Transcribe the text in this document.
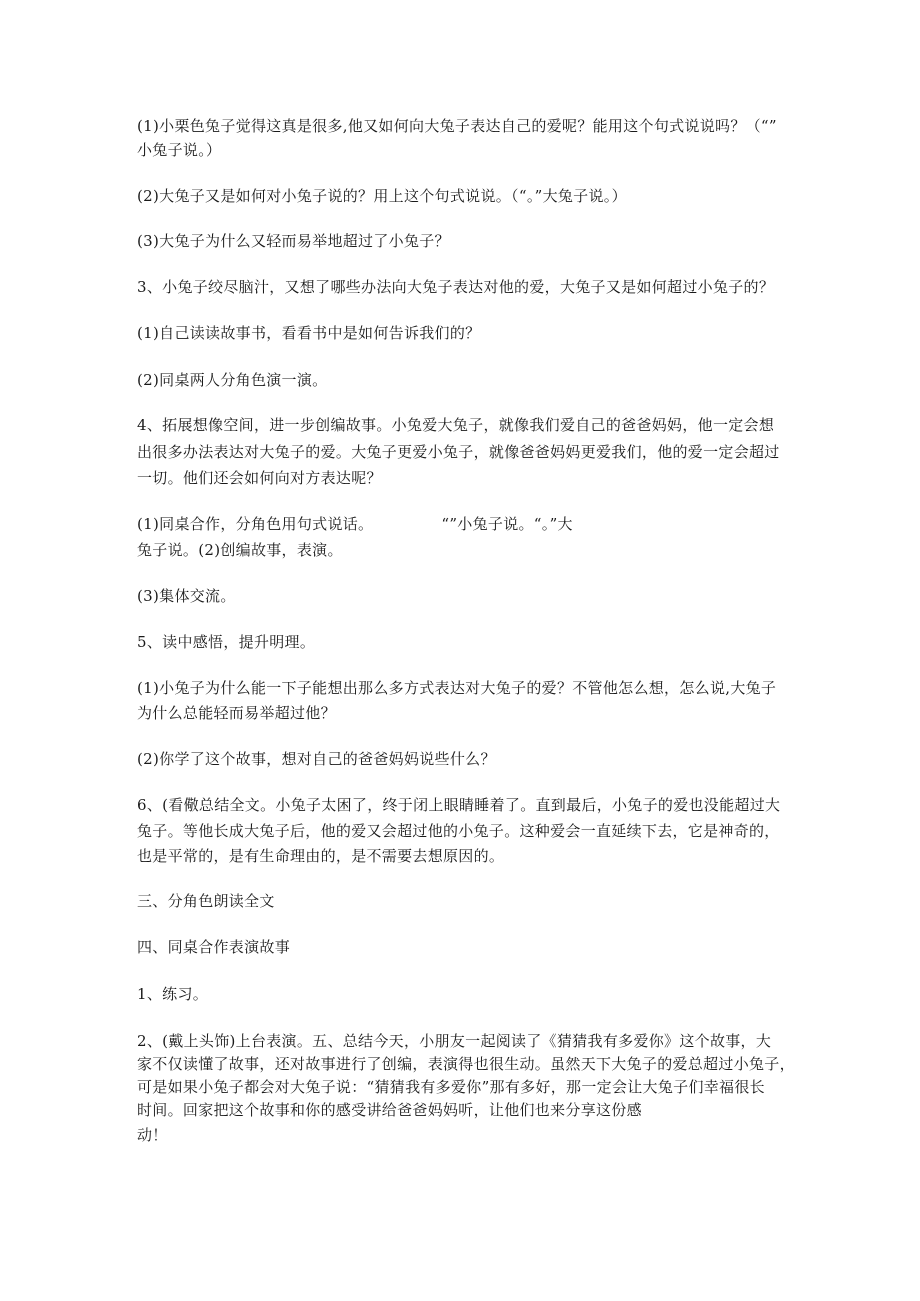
(1)小栗色兔子觉得这真是很多,他又如何向大兔子表达自己的爱呢？能用这个句式说说吗？（“”
小兔子说。）
(2)大兔子又是如何对小兔子说的？用上这个句式说说。（“。”大兔子说。）
(3)大兔子为什么又轻而易举地超过了小兔子？
3、小兔子绞尽脑汁，又想了哪些办法向大兔子表达对他的爱，大兔子又是如何超过小兔子的？
(1)自己读读故事书，看看书中是如何告诉我们的？
(2)同桌两人分角色演一演。
4、拓展想像空间，进一步创编故事。小兔爱大兔子，就像我们爱自己的爸爸妈妈，他一定会想
出很多办法表达对大兔子的爱。大兔子更爱小兔子，就像爸爸妈妈更爱我们，他的爱一定会超过
一切。他们还会如何向对方表达呢？
(1)同桌合作，分角色用句式说话。	“”小兔子说。“。”大
兔子说。(2)创编故事，表演。
(3)集体交流。
5、读中感悟，提升明理。
(1)小兔子为什么能一下子能想出那么多方式表达对大兔子的爱？不管他怎么想，怎么说,大兔子
为什么总能轻而易举超过他？
(2)你学了这个故事，想对自己的爸爸妈妈说些什么？
6、(看儆总结全文。小兔子太困了，终于闭上眼睛睡着了。直到最后，小兔子的爱也没能超过大
兔子。等他长成大兔子后，他的爱又会超过他的小兔子。这种爱会一直延续下去，它是神奇的，
也是平常的，是有生命理由的，是不需要去想原因的。
三、分角色朗读全文
四、同桌合作表演故事
1、练习。
2、(戴上头饰)上台表演。五、总结今天，小朋友一起阅读了《猜猜我有多爱你》这个故事，大
家不仅读懂了故事，还对故事进行了创编，表演得也很生动。虽然天下大兔子的爱总超过小兔子，
可是如果小兔子都会对大兔子说：“猜猜我有多爱你”那有多好，那一定会让大兔子们幸福很长
时间。回家把这个故事和你的感受讲给爸爸妈妈听，让他们也来分享这份感
动！
